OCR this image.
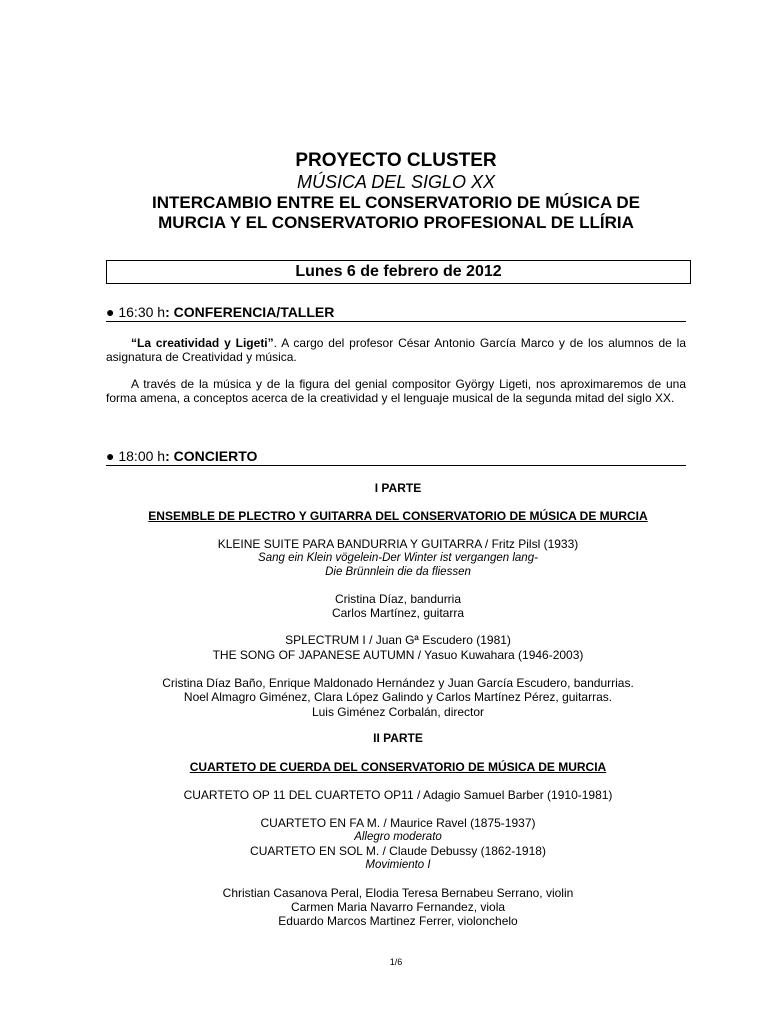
PROYECTO CLUSTER
MÚSICA DEL SIGLO XX
INTERCAMBIO ENTRE EL CONSERVATORIO DE MÚSICA DE
MURCIA Y EL CONSERVATORIO PROFESIONAL DE LLÍRIA
Lunes 6 de febrero de 2012
● 16:30 h: CONFERENCIA/TALLER
“La creatividad y Ligeti”. A cargo del profesor César Antonio García Marco y de los alumnos de la asignatura de Creatividad y música.
A través de la música y de la figura del genial compositor György Ligeti, nos aproximaremos de una forma amena, a conceptos acerca de la creatividad y el lenguaje musical de la segunda mitad del siglo XX.
● 18:00 h: CONCIERTO
I PARTE
ENSEMBLE DE PLECTRO Y GUITARRA DEL CONSERVATORIO DE MÚSICA DE MURCIA
KLEINE SUITE PARA BANDURRIA Y GUITARRA / Fritz Pilsl (1933)
Sang ein Klein vögelein-Der Winter ist vergangen lang-
Die Brünnlein die da fliessen
Cristina Díaz, bandurria
Carlos Martínez, guitarra
SPLECTRUM I / Juan Gª Escudero (1981)
THE SONG OF JAPANESE AUTUMN / Yasuo Kuwahara (1946-2003)
Cristina Díaz Baño, Enrique Maldonado Hernández y Juan García Escudero, bandurrias.
Noel Almagro Giménez, Clara López Galindo y Carlos Martínez Pérez, guitarras.
Luis Giménez Corbalán, director
II PARTE
CUARTETO DE CUERDA DEL CONSERVATORIO DE MÚSICA DE MURCIA
CUARTETO OP 11 DEL CUARTETO OP11 / Adagio Samuel Barber (1910-1981)
CUARTETO EN FA M. / Maurice Ravel (1875-1937)
Allegro moderato
CUARTETO EN SOL M. / Claude Debussy (1862-1918)
Movimiento I
Christian Casanova Peral, Elodia Teresa Bernabeu Serrano, violin
Carmen Maria Navarro Fernandez, viola
Eduardo Marcos Martinez Ferrer, violonchelo
1/6
